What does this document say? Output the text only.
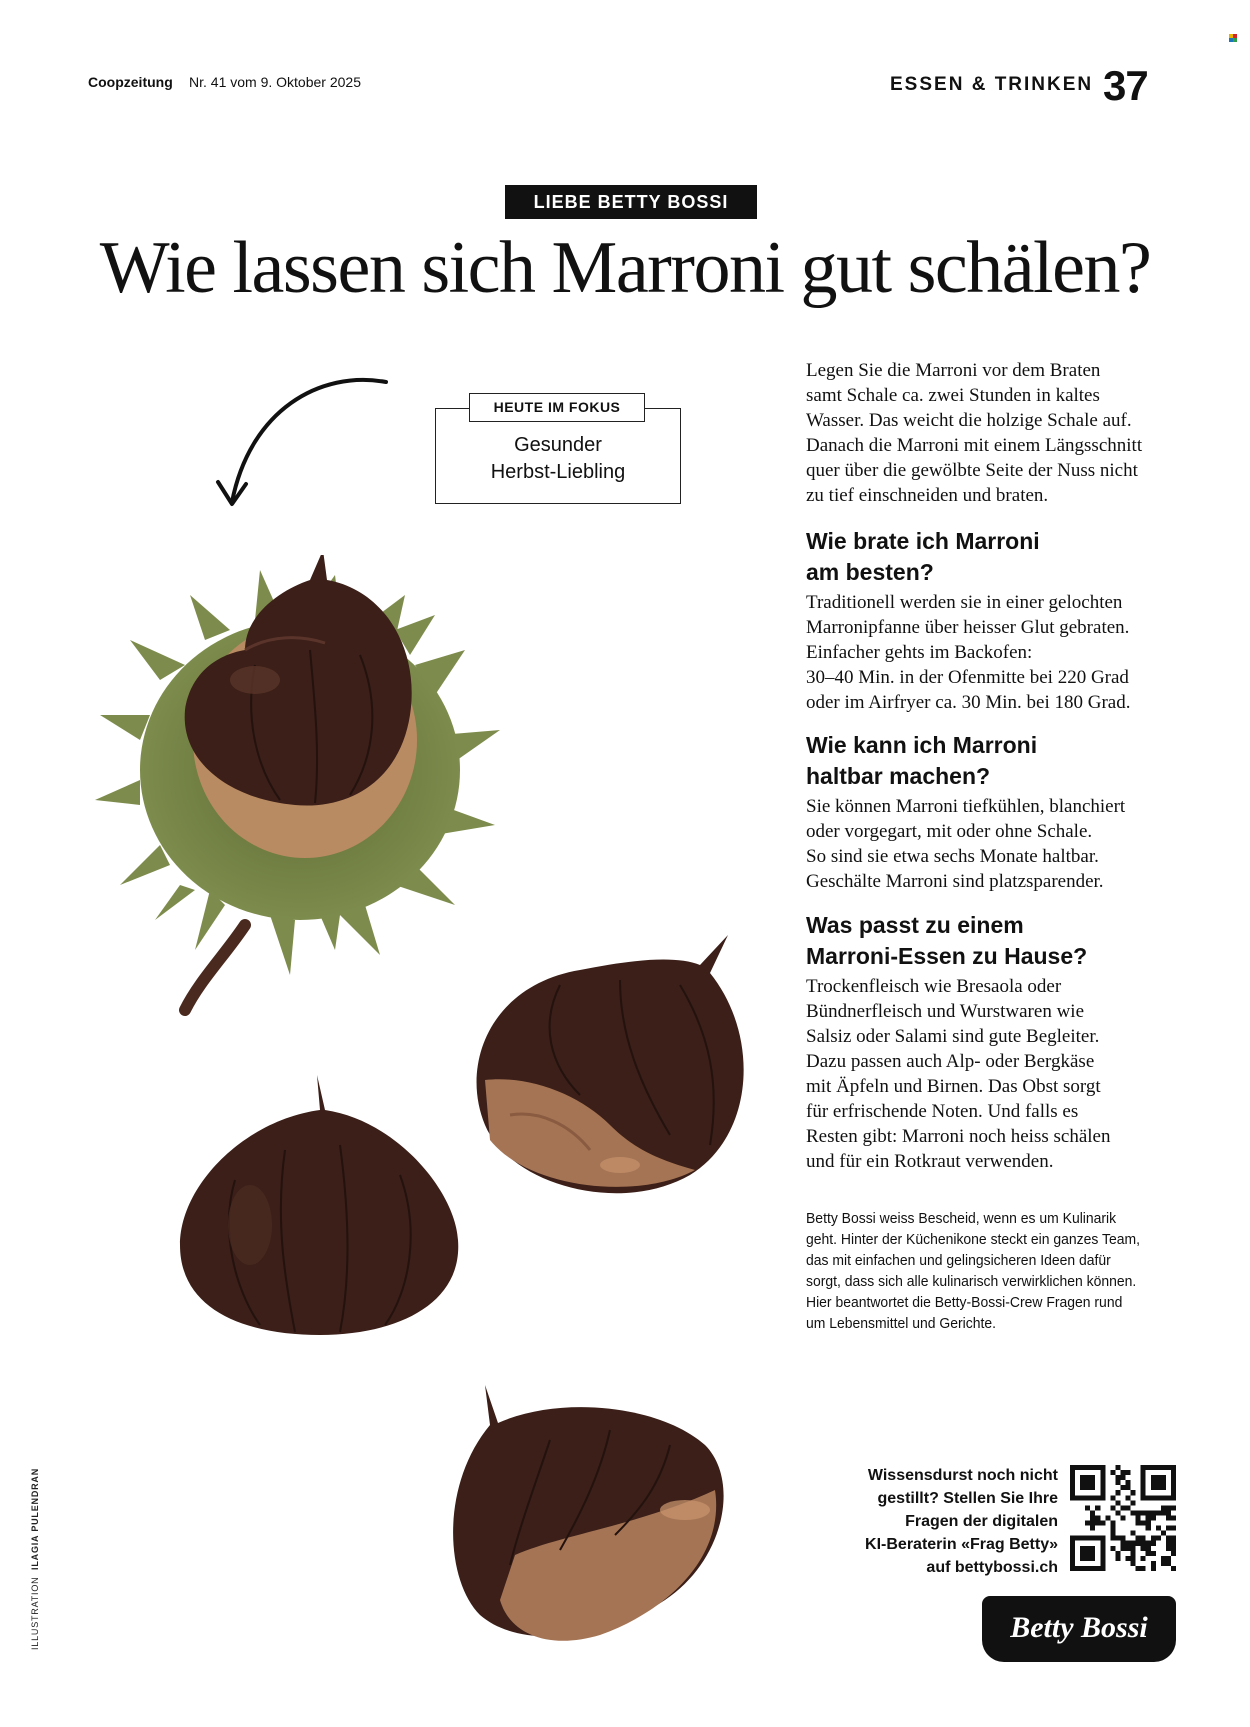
Coopzeitung Nr. 41 vom 9. Oktober 2025	ESSEN & TRINKEN 37
LIEBE BETTY BOSSI
Wie lassen sich Marroni gut schälen?
HEUTE IM FOKUS
Gesunder
Herbst-Liebling
Legen Sie die Marroni vor dem Braten
samt Schale ca. zwei Stunden in kaltes
Wasser. Das weicht die holzige Schale auf.
Danach die Marroni mit einem Längsschnitt
quer über die gewölbte Seite der Nuss nicht
zu tief einschneiden und braten.
Wie brate ich Marroni
am besten?
Traditionell werden sie in einer gelochten
Marronipfanne über heisser Glut gebraten.
Einfacher gehts im Backofen:
30–40 Min. in der Ofenmitte bei 220 Grad
oder im Airfryer ca. 30 Min. bei 180 Grad.
Wie kann ich Marroni
haltbar machen?
Sie können Marroni tiefkühlen, blanchiert
oder vorgegart, mit oder ohne Schale.
So sind sie etwa sechs Monate haltbar.
Geschälte Marroni sind platzsparender.
Was passt zu einem
Marroni-Essen zu Hause?
Trockenfleisch wie Bresaola oder
Bündnerfleisch und Wurstwaren wie
Salsiz oder Salami sind gute Begleiter.
Dazu passen auch Alp- oder Bergkäse
mit Äpfeln und Birnen. Das Obst sorgt
für erfrischende Noten. Und falls es
Resten gibt: Marroni noch heiss schälen
und für ein Rotkraut verwenden.
Betty Bossi weiss Bescheid, wenn es um Kulinarik
geht. Hinter der Küchenikone steckt ein ganzes Team,
das mit einfachen und gelingsicheren Ideen dafür
sorgt, dass sich alle kulinarisch verwirklichen können.
Hier beantwortet die Betty-Bossi-Crew Fragen rund
um Lebensmittel und Gerichte.
Wissensdurst noch nicht
gestillt? Stellen Sie Ihre
Fragen der digitalen
KI-Beraterin «Frag Betty»
auf bettybossi.ch
Betty Bossi
ILLUSTRATION  ILAGIA PULENDRAN
